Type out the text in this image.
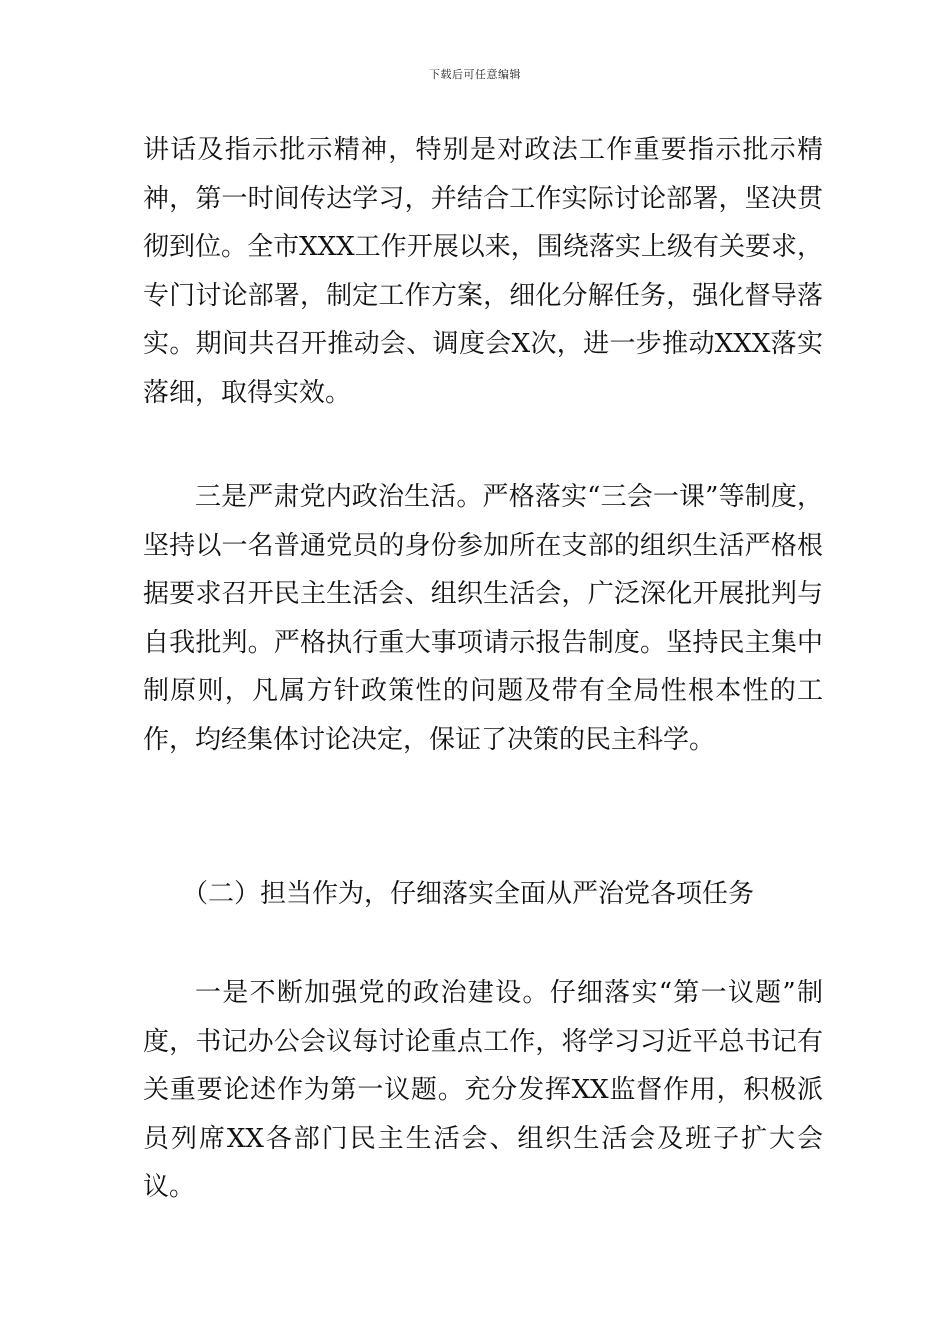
下载后可任意编辑

讲话及指示批示精神，特别是对政法工作重要指示批示精神，第一时间传达学习，并结合工作实际讨论部署，坚决贯彻到位。全市XXX工作开展以来，围绕落实上级有关要求，专门讨论部署，制定工作方案，细化分解任务，强化督导落实。期间共召开推动会、调度会X次，进一步推动XXX落实落细，取得实效。

三是严肃党内政治生活。严格落实“三会一课”等制度，坚持以一名普通党员的身份参加所在支部的组织生活严格根据要求召开民主生活会、组织生活会，广泛深化开展批判与自我批判。严格执行重大事项请示报告制度。坚持民主集中制原则，凡属方针政策性的问题及带有全局性根本性的工作，均经集体讨论决定，保证了决策的民主科学。

（二）担当作为，仔细落实全面从严治党各项任务

一是不断加强党的政治建设。仔细落实“第一议题”制度，书记办公会议每讨论重点工作，将学习习近平总书记有关重要论述作为第一议题。充分发挥XX监督作用，积极派员列席XX各部门民主生活会、组织生活会及班子扩大会议。
